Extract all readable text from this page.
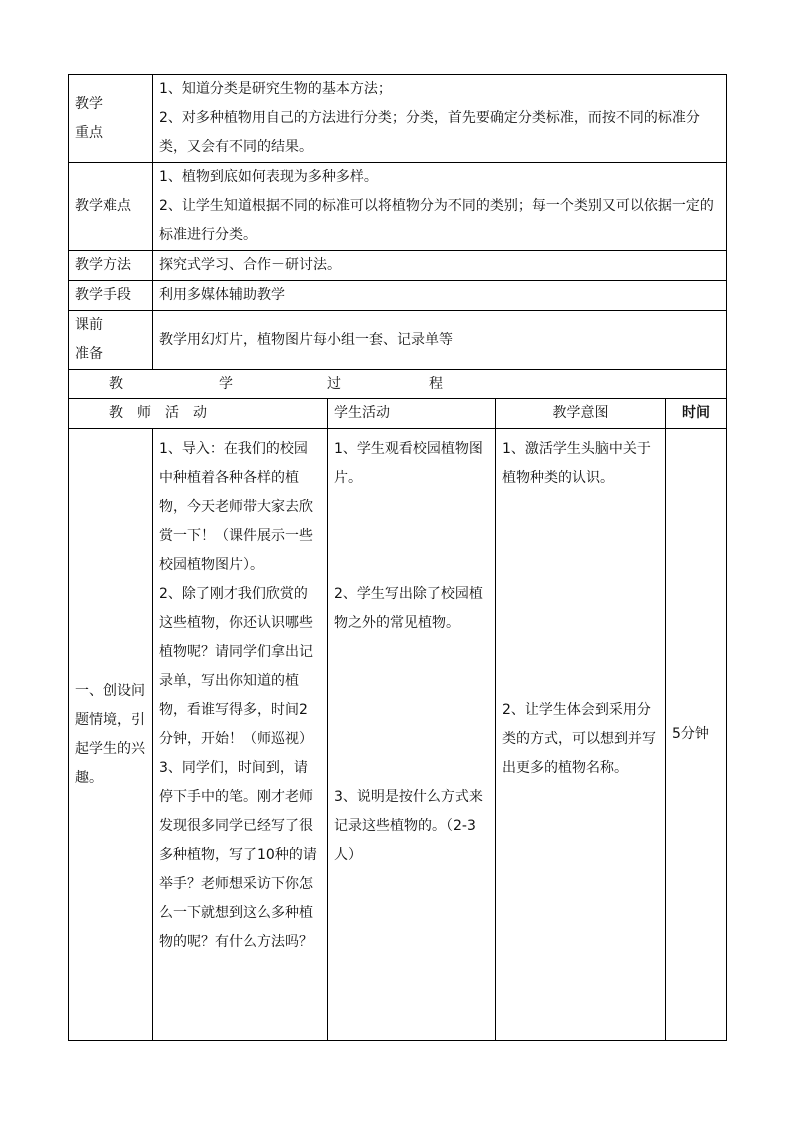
教学
重点	1、知道分类是研究生物的基本方法；
2、对多种植物用自己的方法进行分类；分类，首先要确定分类标准，而按不同的标准分类，又会有不同的结果。			

教学难点	1、植物到底如何表现为多种多样。
2、让学生知道根据不同的标准可以将植物分为不同的类别；每一个类别又可以依据一定的标准进行分类。			

教学方法	探究式学习、合作－研讨法。			

教学手段	利用多媒体辅助教学			

课前
准备	教学用幻灯片，植物图片每小组一套、记录单等			

教 学 过 程				

教　师　活　动		学生活动	教学意图	时间
一、创设问题情境，引起学生的兴趣。	1、导入：在我们的校园中种植着各种各样的植物，今天老师带大家去欣赏一下！（课件展示一些校园植物图片）。
2、除了刚才我们欣赏的这些植物，你还认识哪些植物呢？请同学们拿出记录单，写出你知道的植物，看谁写得多，时间2分钟，开始！（师巡视）
3、同学们，时间到，请停下手中的笔。刚才老师发现很多同学已经写了很多种植物，写了10种的请举手？老师想采访下你怎么一下就想到这么多种植物的呢？有什么方法吗？	1、学生观看校园植物图片。
2、学生写出除了校园植物之外的常见植物。
3、说明是按什么方式来记录这些植物的。（2-3人）	1、激活学生头脑中关于植物种类的认识。
2、让学生体会到采用分类的方式，可以想到并写出更多的植物名称。	5分钟
